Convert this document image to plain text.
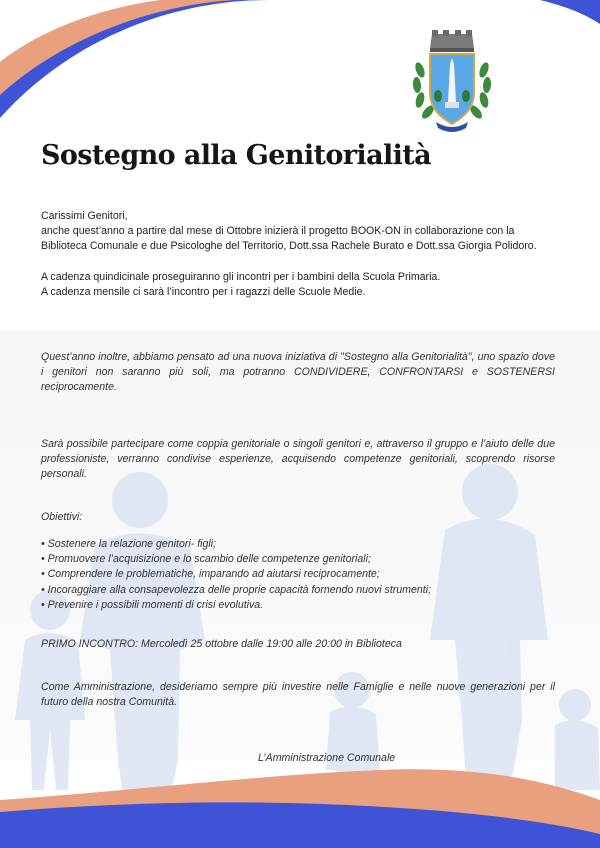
Sostegno alla Genitorialità

Carissimi Genitori,

anche quest’anno a partire dal mese di Ottobre inizierà il progetto BOOK-ON in collaborazione con la Biblioteca Comunale e due Psicologhe del Territorio, Dott.ssa Rachele Burato e Dott.ssa Giorgia Polidoro.

A cadenza quindicinale proseguiranno gli incontri per i bambini della Scuola Primaria.

A cadenza mensile ci sarà l’incontro per i ragazzi delle Scuole Medie.

Quest’anno inoltre, abbiamo pensato ad una nuova iniziativa di "Sostegno alla Genitorialità", uno spazio dove i genitori non saranno più soli, ma potranno CONDIVIDERE, CONFRONTARSI e SOSTENERSI reciprocamente.

Sarà possibile partecipare come coppia genitoriale o singoli genitori e, attraverso il gruppo e l’aiuto delle due professioniste, verranno condivise esperienze, acquisendo competenze genitoriali, scoprendo risorse personali.

Obiettivi:

• Sostenere la relazione genitori- figli;
• Promuovere l’acquisizione e lo scambio delle competenze genitoriali;
• Comprendere le problematiche, imparando ad aiutarsi reciprocamente;
• Incoraggiare alla consapevolezza delle proprie capacità fornendo nuovi strumenti;
• Prevenire i possibili momenti di crisi evolutiva.

PRIMO INCONTRO: Mercoledì 25 ottobre dalle 19:00 alle 20:00 in Biblioteca

Come Amministrazione, desideriamo sempre più investire nelle Famiglie e nelle nuove generazioni per il futuro della nostra Comunità.

L’Amministrazione Comunale
